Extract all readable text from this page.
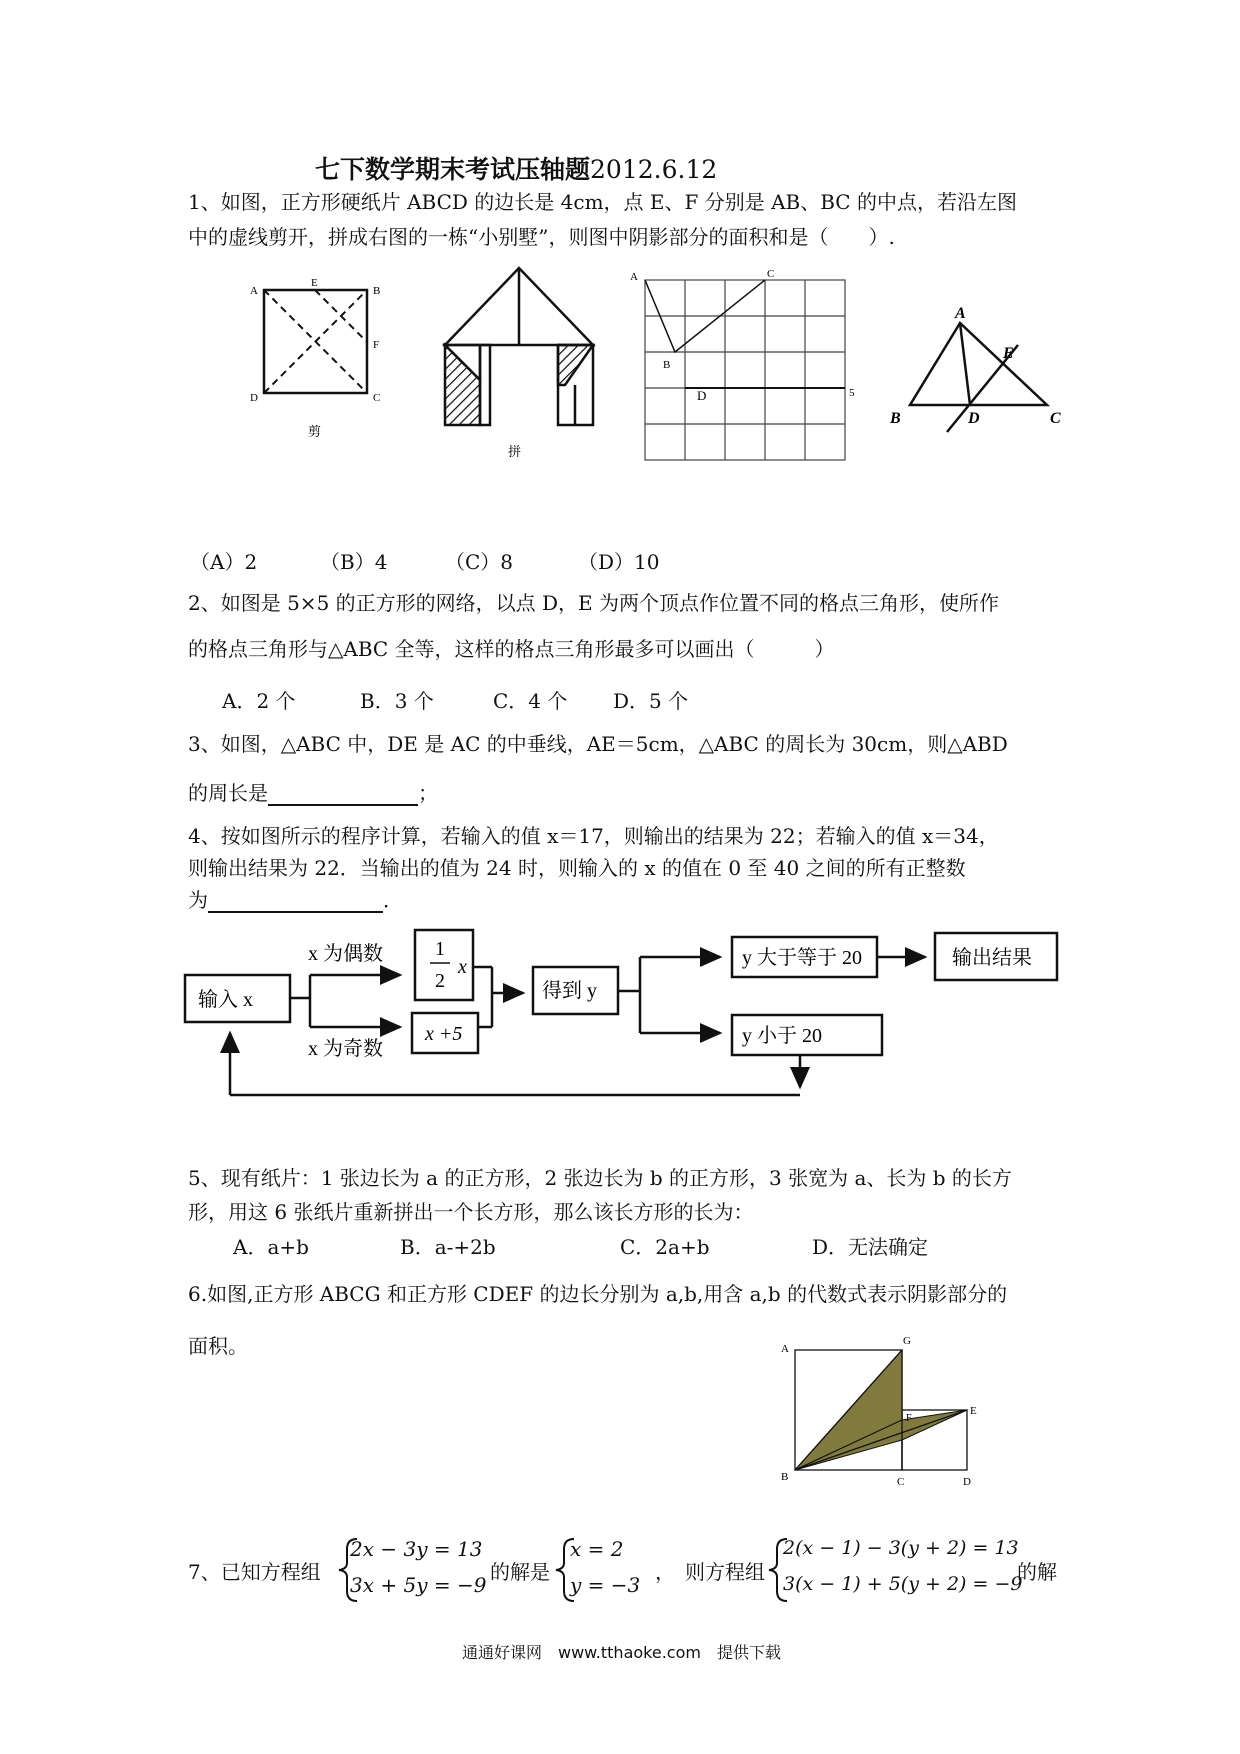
七下数学期末考试压轴题2012.6.12
1、如图，正方形硬纸片 ABCD 的边长是 4cm，点 E、F 分别是 AB、BC 的中点，若沿左图
中的虚线剪开，拼成右图的一栋“小别墅”，则图中阴影部分的面积和是（　　）.
A
E
B
F
D	C
剪
拼
A	C
B
D	5
A
E
B	D	C
（A）2	（B）4	（C）8	（D）10
2、如图是 5×5 的正方形的网络，以点 D，E 为两个顶点作位置不同的格点三角形，使所作
的格点三角形与△ABC 全等，这样的格点三角形最多可以画出（　　　）
A．2 个	B．3 个	C．4 个 D．5 个
3、如图，△ABC 中，DE 是 AC 的中垂线，AE＝5cm，△ABC 的周长为 30cm，则△ABD
的周长是	；
4、按如图所示的程序计算，若输入的值 x＝17，则输出的结果为 22；若输入的值 x＝34，
则输出结果为 22．当输出的值为 24 时，则输入的 x 的值在 0 至 40 之间的所有正整数
为	．
输入 x
1
2
x
x +5
得到 y
y 大于等于 20
y 小于 20
输出结果
x 为偶数
x 为奇数
5、现有纸片：1 张边长为 a 的正方形，2 张边长为 b 的正方形，3 张宽为 a、长为 b 的长方
形，用这 6 张纸片重新拼出一个长方形，那么该长方形的长为：
A．a+b	B．a-+2b	C．2a+b	D．无法确定
6.如图,正方形 ABCG 和正方形 CDEF 的边长分别为 a,b,用含 a,b 的代数式表示阴影部分的
面积。	A
G
F
E
B	C	D
7、已知方程组
2x − 3y = 13
3x + 5y = −9
的解是
x = 2
y = −3
，　则方程组
2(x − 1) − 3(y + 2) = 13
3(x − 1) + 5(y + 2) = −9
的解
通通好课网　www.tthaoke.com　提供下载
